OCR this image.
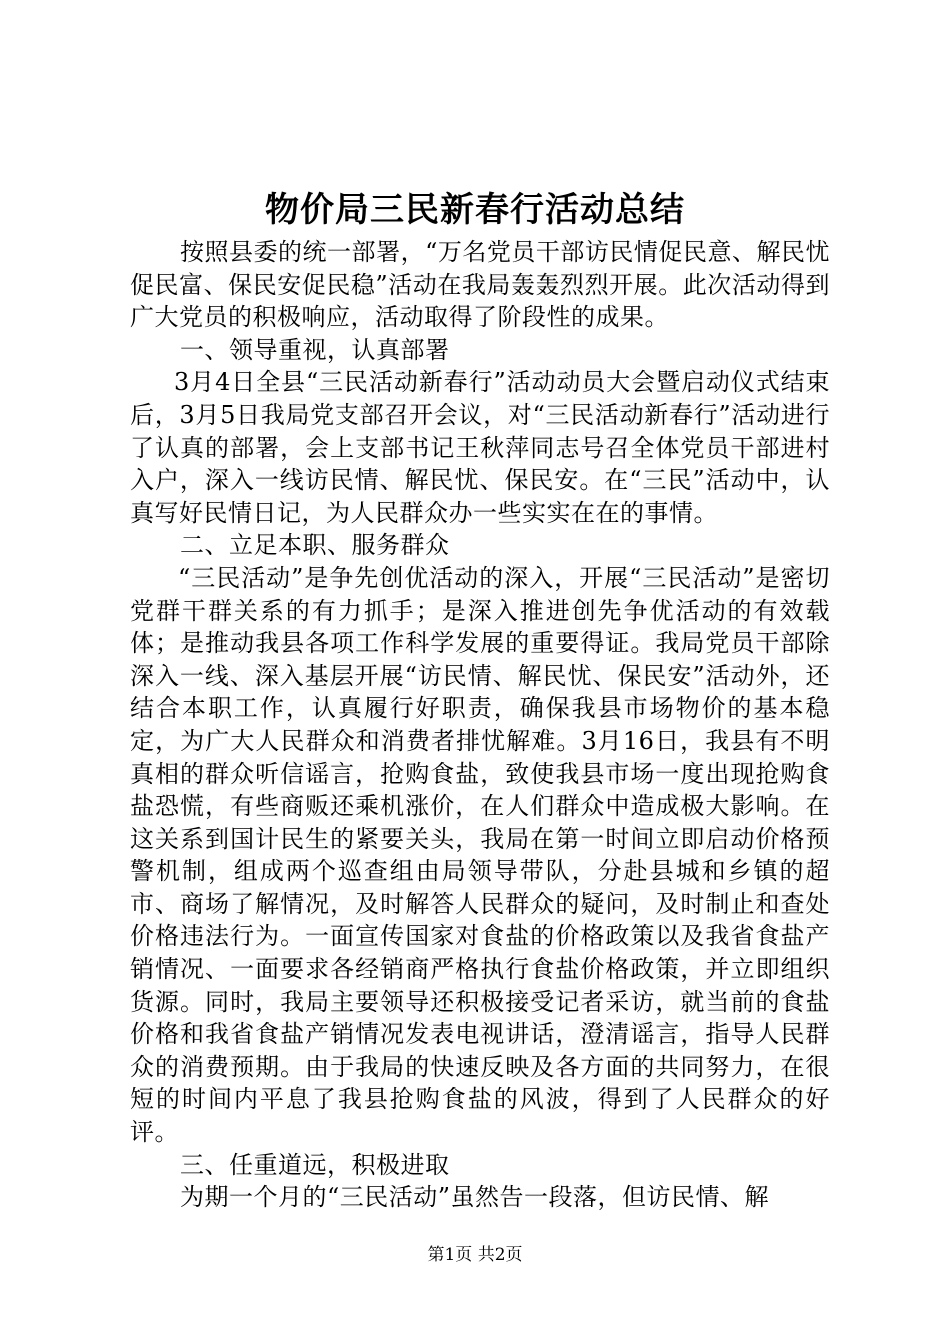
物价局三民新春行活动总结

按照县委的统一部署，“万名党员干部访民情促民意、解民忧促民富、保民安促民稳”活动在我局轰轰烈烈开展。此次活动得到广大党员的积极响应，活动取得了阶段性的成果。

一、领导重视，认真部署

3月4日全县“三民活动新春行”活动动员大会暨启动仪式结束后，3月5日我局党支部召开会议，对“三民活动新春行”活动进行了认真的部署，会上支部书记王秋萍同志号召全体党员干部进村入户，深入一线访民情、解民忧、保民安。在“三民”活动中，认真写好民情日记，为人民群众办一些实实在在的事情。

二、立足本职、服务群众

“三民活动”是争先创优活动的深入，开展“三民活动”是密切党群干群关系的有力抓手；是深入推进创先争优活动的有效载体；是推动我县各项工作科学发展的重要得证。我局党员干部除深入一线、深入基层开展“访民情、解民忧、保民安”活动外，还结合本职工作，认真履行好职责，确保我县市场物价的基本稳定，为广大人民群众和消费者排忧解难。3月16日，我县有不明真相的群众听信谣言，抢购食盐，致使我县市场一度出现抢购食盐恐慌，有些商贩还乘机涨价，在人们群众中造成极大影响。在这关系到国计民生的紧要关头，我局在第一时间立即启动价格预警机制，组成两个巡查组由局领导带队，分赴县城和乡镇的超市、商场了解情况，及时解答人民群众的疑问，及时制止和查处价格违法行为。一面宣传国家对食盐的价格政策以及我省食盐产销情况、一面要求各经销商严格执行食盐价格政策，并立即组织货源。同时，我局主要领导还积极接受记者采访，就当前的食盐价格和我省食盐产销情况发表电视讲话，澄清谣言，指导人民群众的消费预期。由于我局的快速反映及各方面的共同努力，在很短的时间内平息了我县抢购食盐的风波，得到了人民群众的好评。

三、任重道远，积极进取

为期一个月的“三民活动”虽然告一段落，但访民情、解

第1页 共2页
